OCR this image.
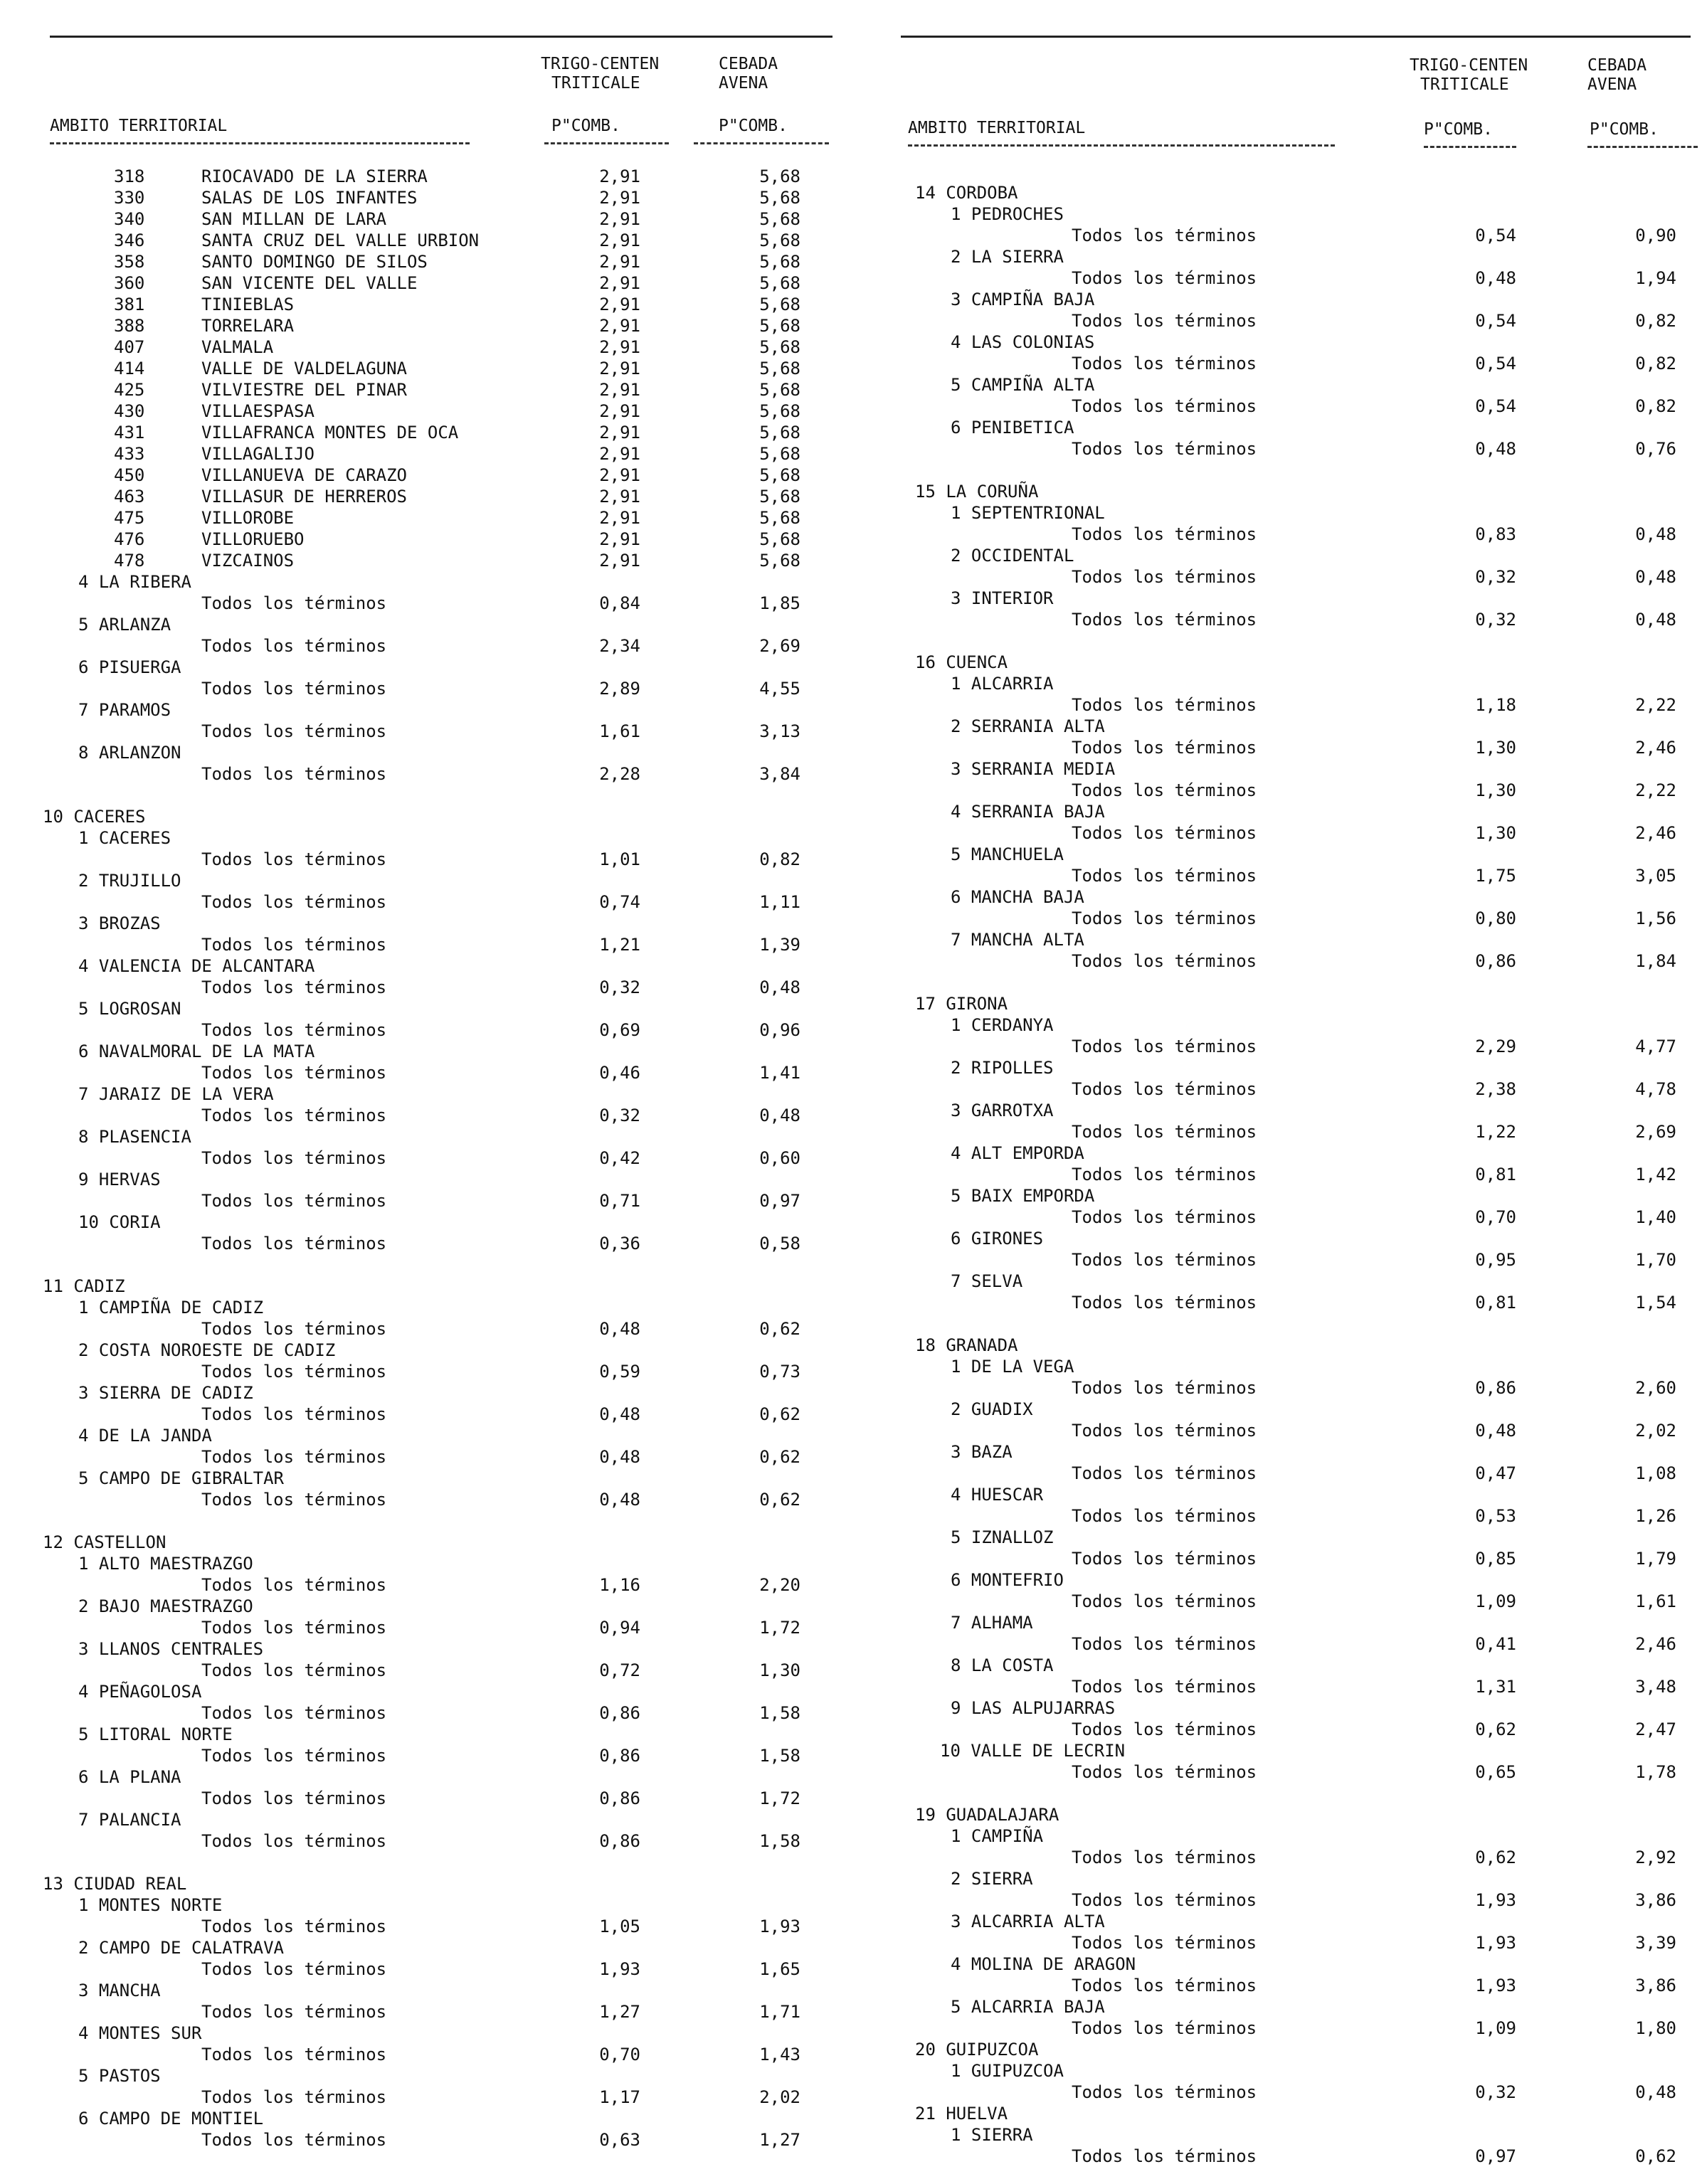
TRIGO-CENTEN
TRITICALE
CEBADA
AVENA
AMBITO TERRITORIAL	P"COMB.	P"COMB.
318	RIOCAVADO DE LA SIERRA	2,91	5,68
330	SALAS DE LOS INFANTES	2,91	5,68
340	SAN MILLAN DE LARA	2,91	5,68
346	SANTA CRUZ DEL VALLE URBION	2,91	5,68
358	SANTO DOMINGO DE SILOS	2,91	5,68
360	SAN VICENTE DEL VALLE	2,91	5,68
381	TINIEBLAS	2,91	5,68
388	TORRELARA	2,91	5,68
407	VALMALA	2,91	5,68
414	VALLE DE VALDELAGUNA	2,91	5,68
425	VILVIESTRE DEL PINAR	2,91	5,68
430	VILLAESPASA	2,91	5,68
431	VILLAFRANCA MONTES DE OCA	2,91	5,68
433	VILLAGALIJO	2,91	5,68
450	VILLANUEVA DE CARAZO	2,91	5,68
463	VILLASUR DE HERREROS	2,91	5,68
475	VILLOROBE	2,91	5,68
476	VILLORUEBO	2,91	5,68
478	VIZCAINOS	2,91	5,68
4 LA RIBERA
Todos los términos	0,84	1,85
5 ARLANZA
Todos los términos	2,34	2,69
6 PISUERGA
Todos los términos	2,89	4,55
7 PARAMOS
Todos los términos	1,61	3,13
8 ARLANZON
Todos los términos	2,28	3,84
10 CACERES
1 CACERES
Todos los términos	1,01	0,82
2 TRUJILLO
Todos los términos	0,74	1,11
3 BROZAS
Todos los términos	1,21	1,39
4 VALENCIA DE ALCANTARA
Todos los términos	0,32	0,48
5 LOGROSAN
Todos los términos	0,69	0,96
6 NAVALMORAL DE LA MATA
Todos los términos	0,46	1,41
7 JARAIZ DE LA VERA
Todos los términos	0,32	0,48
8 PLASENCIA
Todos los términos	0,42	0,60
9 HERVAS
Todos los términos	0,71	0,97
10 CORIA
Todos los términos	0,36	0,58
11 CADIZ
1 CAMPIÑA DE CADIZ
Todos los términos	0,48	0,62
2 COSTA NOROESTE DE CADIZ
Todos los términos	0,59	0,73
3 SIERRA DE CADIZ
Todos los términos	0,48	0,62
4 DE LA JANDA
Todos los términos	0,48	0,62
5 CAMPO DE GIBRALTAR
Todos los términos	0,48	0,62
12 CASTELLON
1 ALTO MAESTRAZGO
Todos los términos	1,16	2,20
2 BAJO MAESTRAZGO
Todos los términos	0,94	1,72
3 LLANOS CENTRALES
Todos los términos	0,72	1,30
4 PEÑAGOLOSA
Todos los términos	0,86	1,58
5 LITORAL NORTE
Todos los términos	0,86	1,58
6 LA PLANA
Todos los términos	0,86	1,72
7 PALANCIA
Todos los términos	0,86	1,58
13 CIUDAD REAL
1 MONTES NORTE
Todos los términos	1,05	1,93
2 CAMPO DE CALATRAVA
Todos los términos	1,93	1,65
3 MANCHA
Todos los términos	1,27	1,71
4 MONTES SUR
Todos los términos	0,70	1,43
5 PASTOS
Todos los términos	1,17	2,02
6 CAMPO DE MONTIEL
Todos los términos	0,63	1,27
TRIGO-CENTEN
TRITICALE
CEBADA
AVENA
AMBITO TERRITORIAL	P"COMB.	P"COMB.
14 CORDOBA
1 PEDROCHES
Todos los términos	0,54	0,90
2 LA SIERRA
Todos los términos	0,48	1,94
3 CAMPIÑA BAJA
Todos los términos	0,54	0,82
4 LAS COLONIAS
Todos los términos	0,54	0,82
5 CAMPIÑA ALTA
Todos los términos	0,54	0,82
6 PENIBETICA
Todos los términos	0,48	0,76
15 LA CORUÑA
1 SEPTENTRIONAL
Todos los términos	0,83	0,48
2 OCCIDENTAL
Todos los términos	0,32	0,48
3 INTERIOR
Todos los términos	0,32	0,48
16 CUENCA
1 ALCARRIA
Todos los términos	1,18	2,22
2 SERRANIA ALTA
Todos los términos	1,30	2,46
3 SERRANIA MEDIA
Todos los términos	1,30	2,22
4 SERRANIA BAJA
Todos los términos	1,30	2,46
5 MANCHUELA
Todos los términos	1,75	3,05
6 MANCHA BAJA
Todos los términos	0,80	1,56
7 MANCHA ALTA
Todos los términos	0,86	1,84
17 GIRONA
1 CERDANYA
Todos los términos	2,29	4,77
2 RIPOLLES
Todos los términos	2,38	4,78
3 GARROTXA
Todos los términos	1,22	2,69
4 ALT EMPORDA
Todos los términos	0,81	1,42
5 BAIX EMPORDA
Todos los términos	0,70	1,40
6 GIRONES
Todos los términos	0,95	1,70
7 SELVA
Todos los términos	0,81	1,54
18 GRANADA
1 DE LA VEGA
Todos los términos	0,86	2,60
2 GUADIX
Todos los términos	0,48	2,02
3 BAZA
Todos los términos	0,47	1,08
4 HUESCAR
Todos los términos	0,53	1,26
5 IZNALLOZ
Todos los términos	0,85	1,79
6 MONTEFRIO
Todos los términos	1,09	1,61
7 ALHAMA
Todos los términos	0,41	2,46
8 LA COSTA
Todos los términos	1,31	3,48
9 LAS ALPUJARRAS
Todos los términos	0,62	2,47
10 VALLE DE LECRIN
Todos los términos	0,65	1,78
19 GUADALAJARA
1 CAMPIÑA
Todos los términos	0,62	2,92
2 SIERRA
Todos los términos	1,93	3,86
3 ALCARRIA ALTA
Todos los términos	1,93	3,39
4 MOLINA DE ARAGON
Todos los términos	1,93	3,86
5 ALCARRIA BAJA
Todos los términos	1,09	1,80
20 GUIPUZCOA
1 GUIPUZCOA
Todos los términos	0,32	0,48
21 HUELVA
1 SIERRA
Todos los términos	0,97	0,62
